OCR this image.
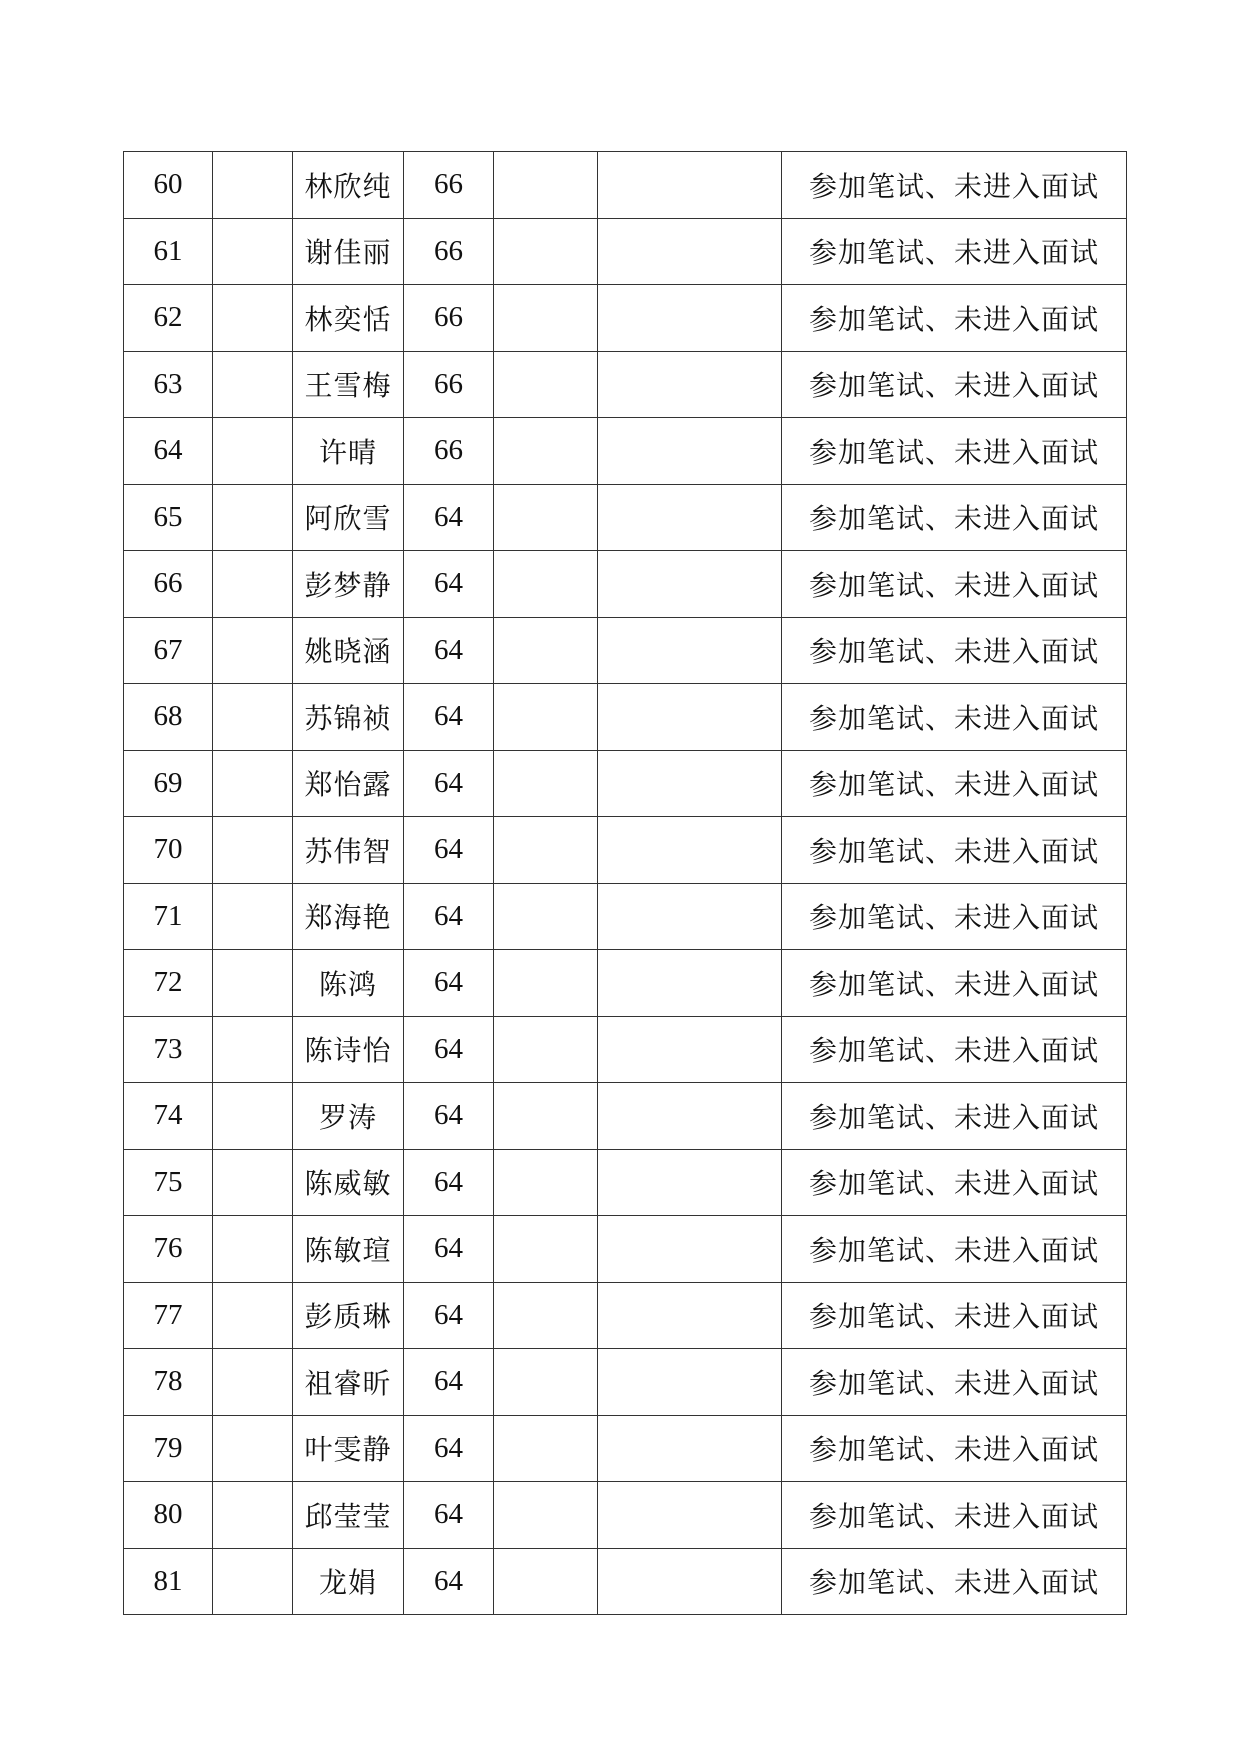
60		林欣纯	66			参加笔试、未进入面试
61		谢佳丽	66			参加笔试、未进入面试
62		林奕恬	66			参加笔试、未进入面试
63		王雪梅	66			参加笔试、未进入面试
64		许晴	66			参加笔试、未进入面试
65		阿欣雪	64			参加笔试、未进入面试
66		彭梦静	64			参加笔试、未进入面试
67		姚晓涵	64			参加笔试、未进入面试
68		苏锦祯	64			参加笔试、未进入面试
69		郑怡露	64			参加笔试、未进入面试
70		苏伟智	64			参加笔试、未进入面试
71		郑海艳	64			参加笔试、未进入面试
72		陈鸿	64			参加笔试、未进入面试
73		陈诗怡	64			参加笔试、未进入面试
74		罗涛	64			参加笔试、未进入面试
75		陈威敏	64			参加笔试、未进入面试
76		陈敏瑄	64			参加笔试、未进入面试
77		彭质琳	64			参加笔试、未进入面试
78		祖睿昕	64			参加笔试、未进入面试
79		叶雯静	64			参加笔试、未进入面试
80		邱莹莹	64			参加笔试、未进入面试
81		龙娟	64			参加笔试、未进入面试
